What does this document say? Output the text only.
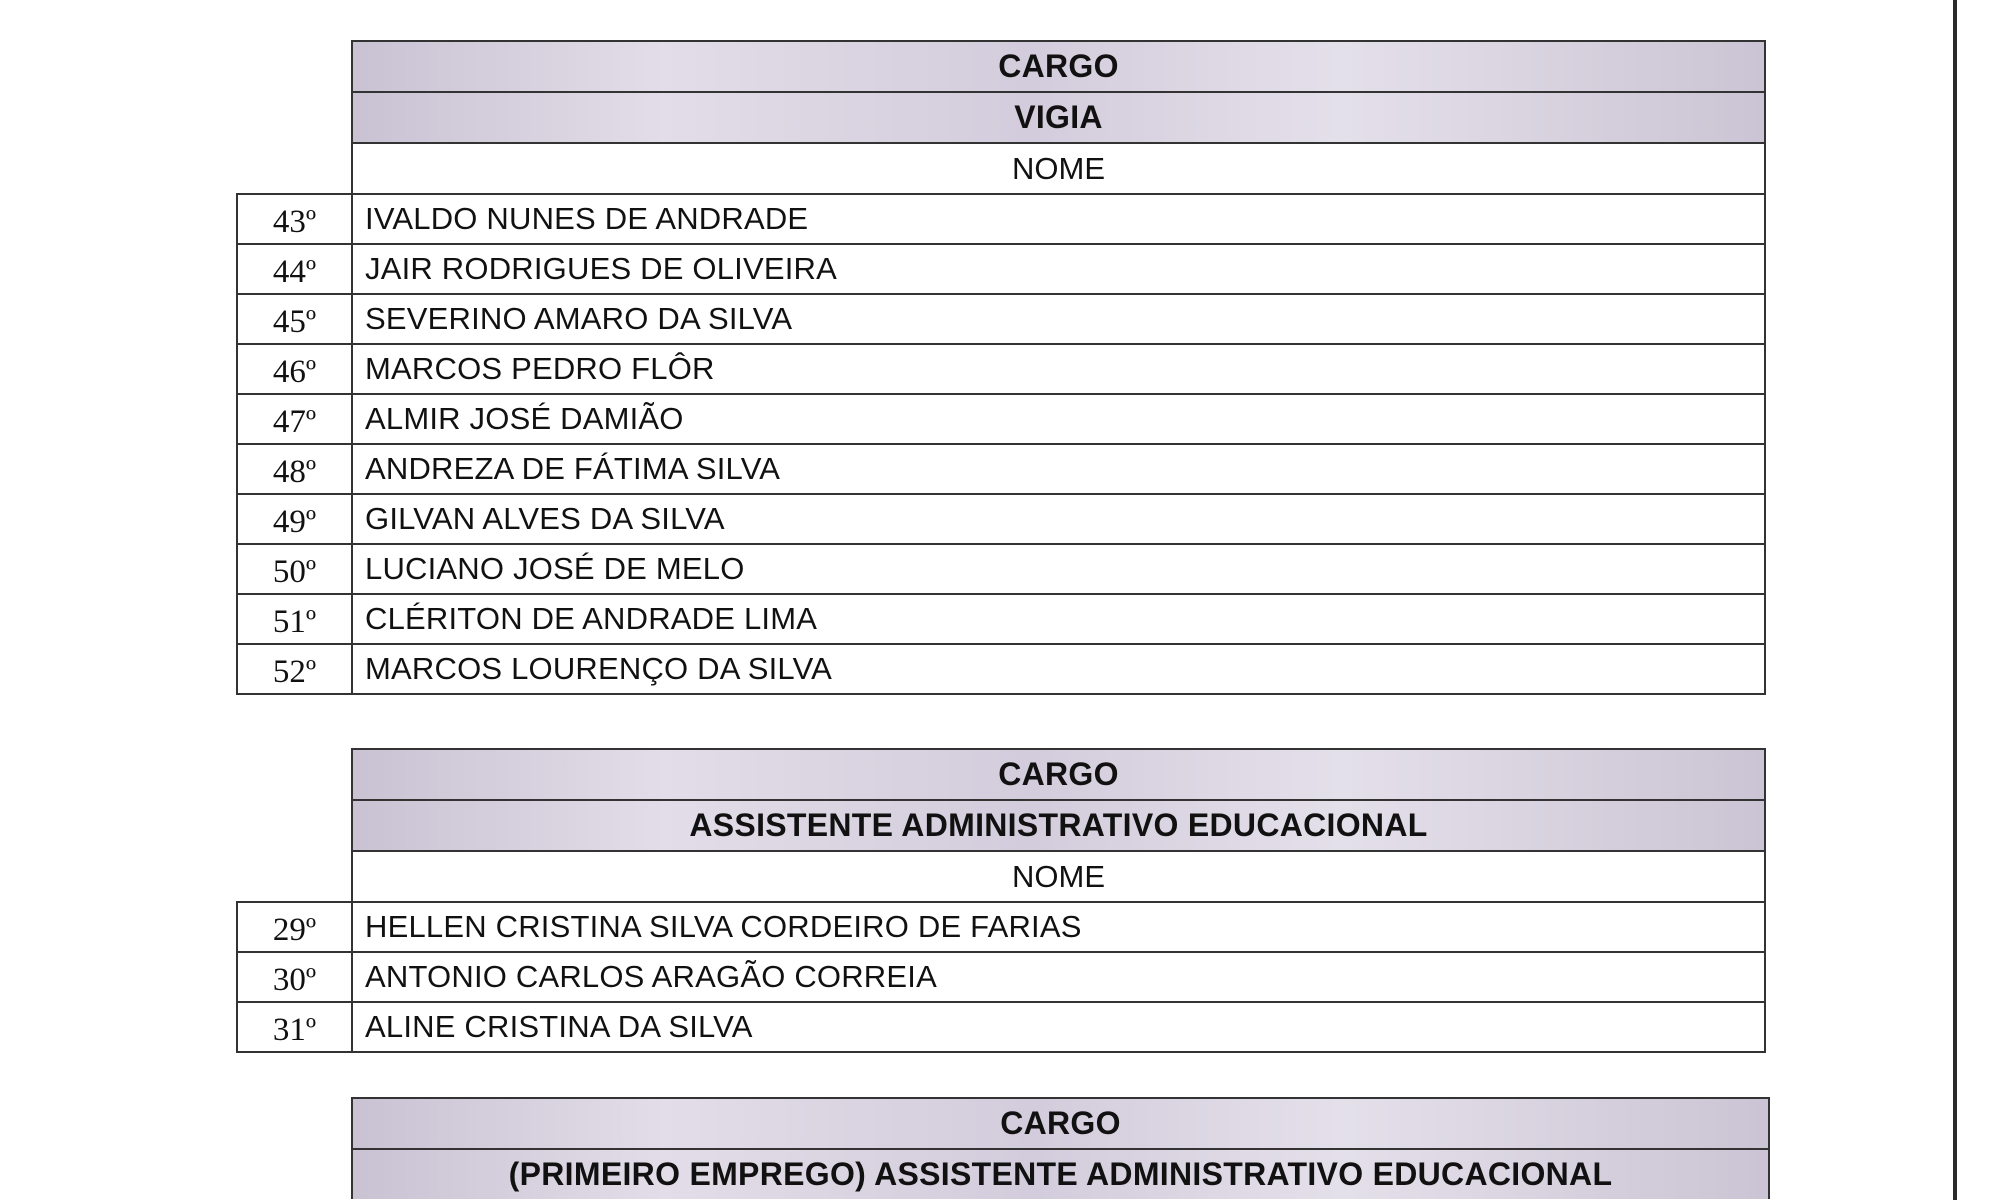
CARGO
VIGIA
NOME
43º	IVALDO NUNES DE ANDRADE
44º	JAIR RODRIGUES DE OLIVEIRA
45º	SEVERINO AMARO DA SILVA
46º	MARCOS PEDRO FLÔR
47º	ALMIR JOSÉ DAMIÃO
48º	ANDREZA DE FÁTIMA SILVA
49º	GILVAN ALVES DA SILVA
50º	LUCIANO JOSÉ DE MELO
51º	CLÉRITON DE ANDRADE LIMA
52º	MARCOS LOURENÇO DA SILVA
CARGO
ASSISTENTE ADMINISTRATIVO EDUCACIONAL
NOME
29º	HELLEN CRISTINA SILVA CORDEIRO DE FARIAS
30º	ANTONIO CARLOS ARAGÃO CORREIA
31º	ALINE CRISTINA DA SILVA
CARGO
(PRIMEIRO EMPREGO) ASSISTENTE ADMINISTRATIVO EDUCACIONAL
